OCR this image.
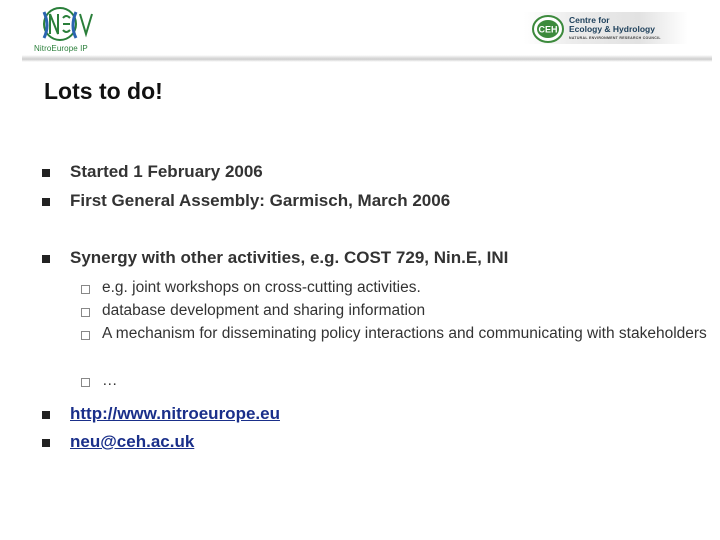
NitroEurope IP
CEH
Centre for
Ecology & Hydrology
NATURAL ENVIRONMENT RESEARCH COUNCIL
Lots to do!
Started 1 February 2006
First General Assembly: Garmisch, March 2006
Synergy with other activities, e.g. COST 729, Nin.E, INI
e.g. joint workshops on cross-cutting activities.
database development and sharing information
A mechanism for disseminating policy interactions and communicating with stakeholders
…
http://www.nitroeurope.eu
neu@ceh.ac.uk
